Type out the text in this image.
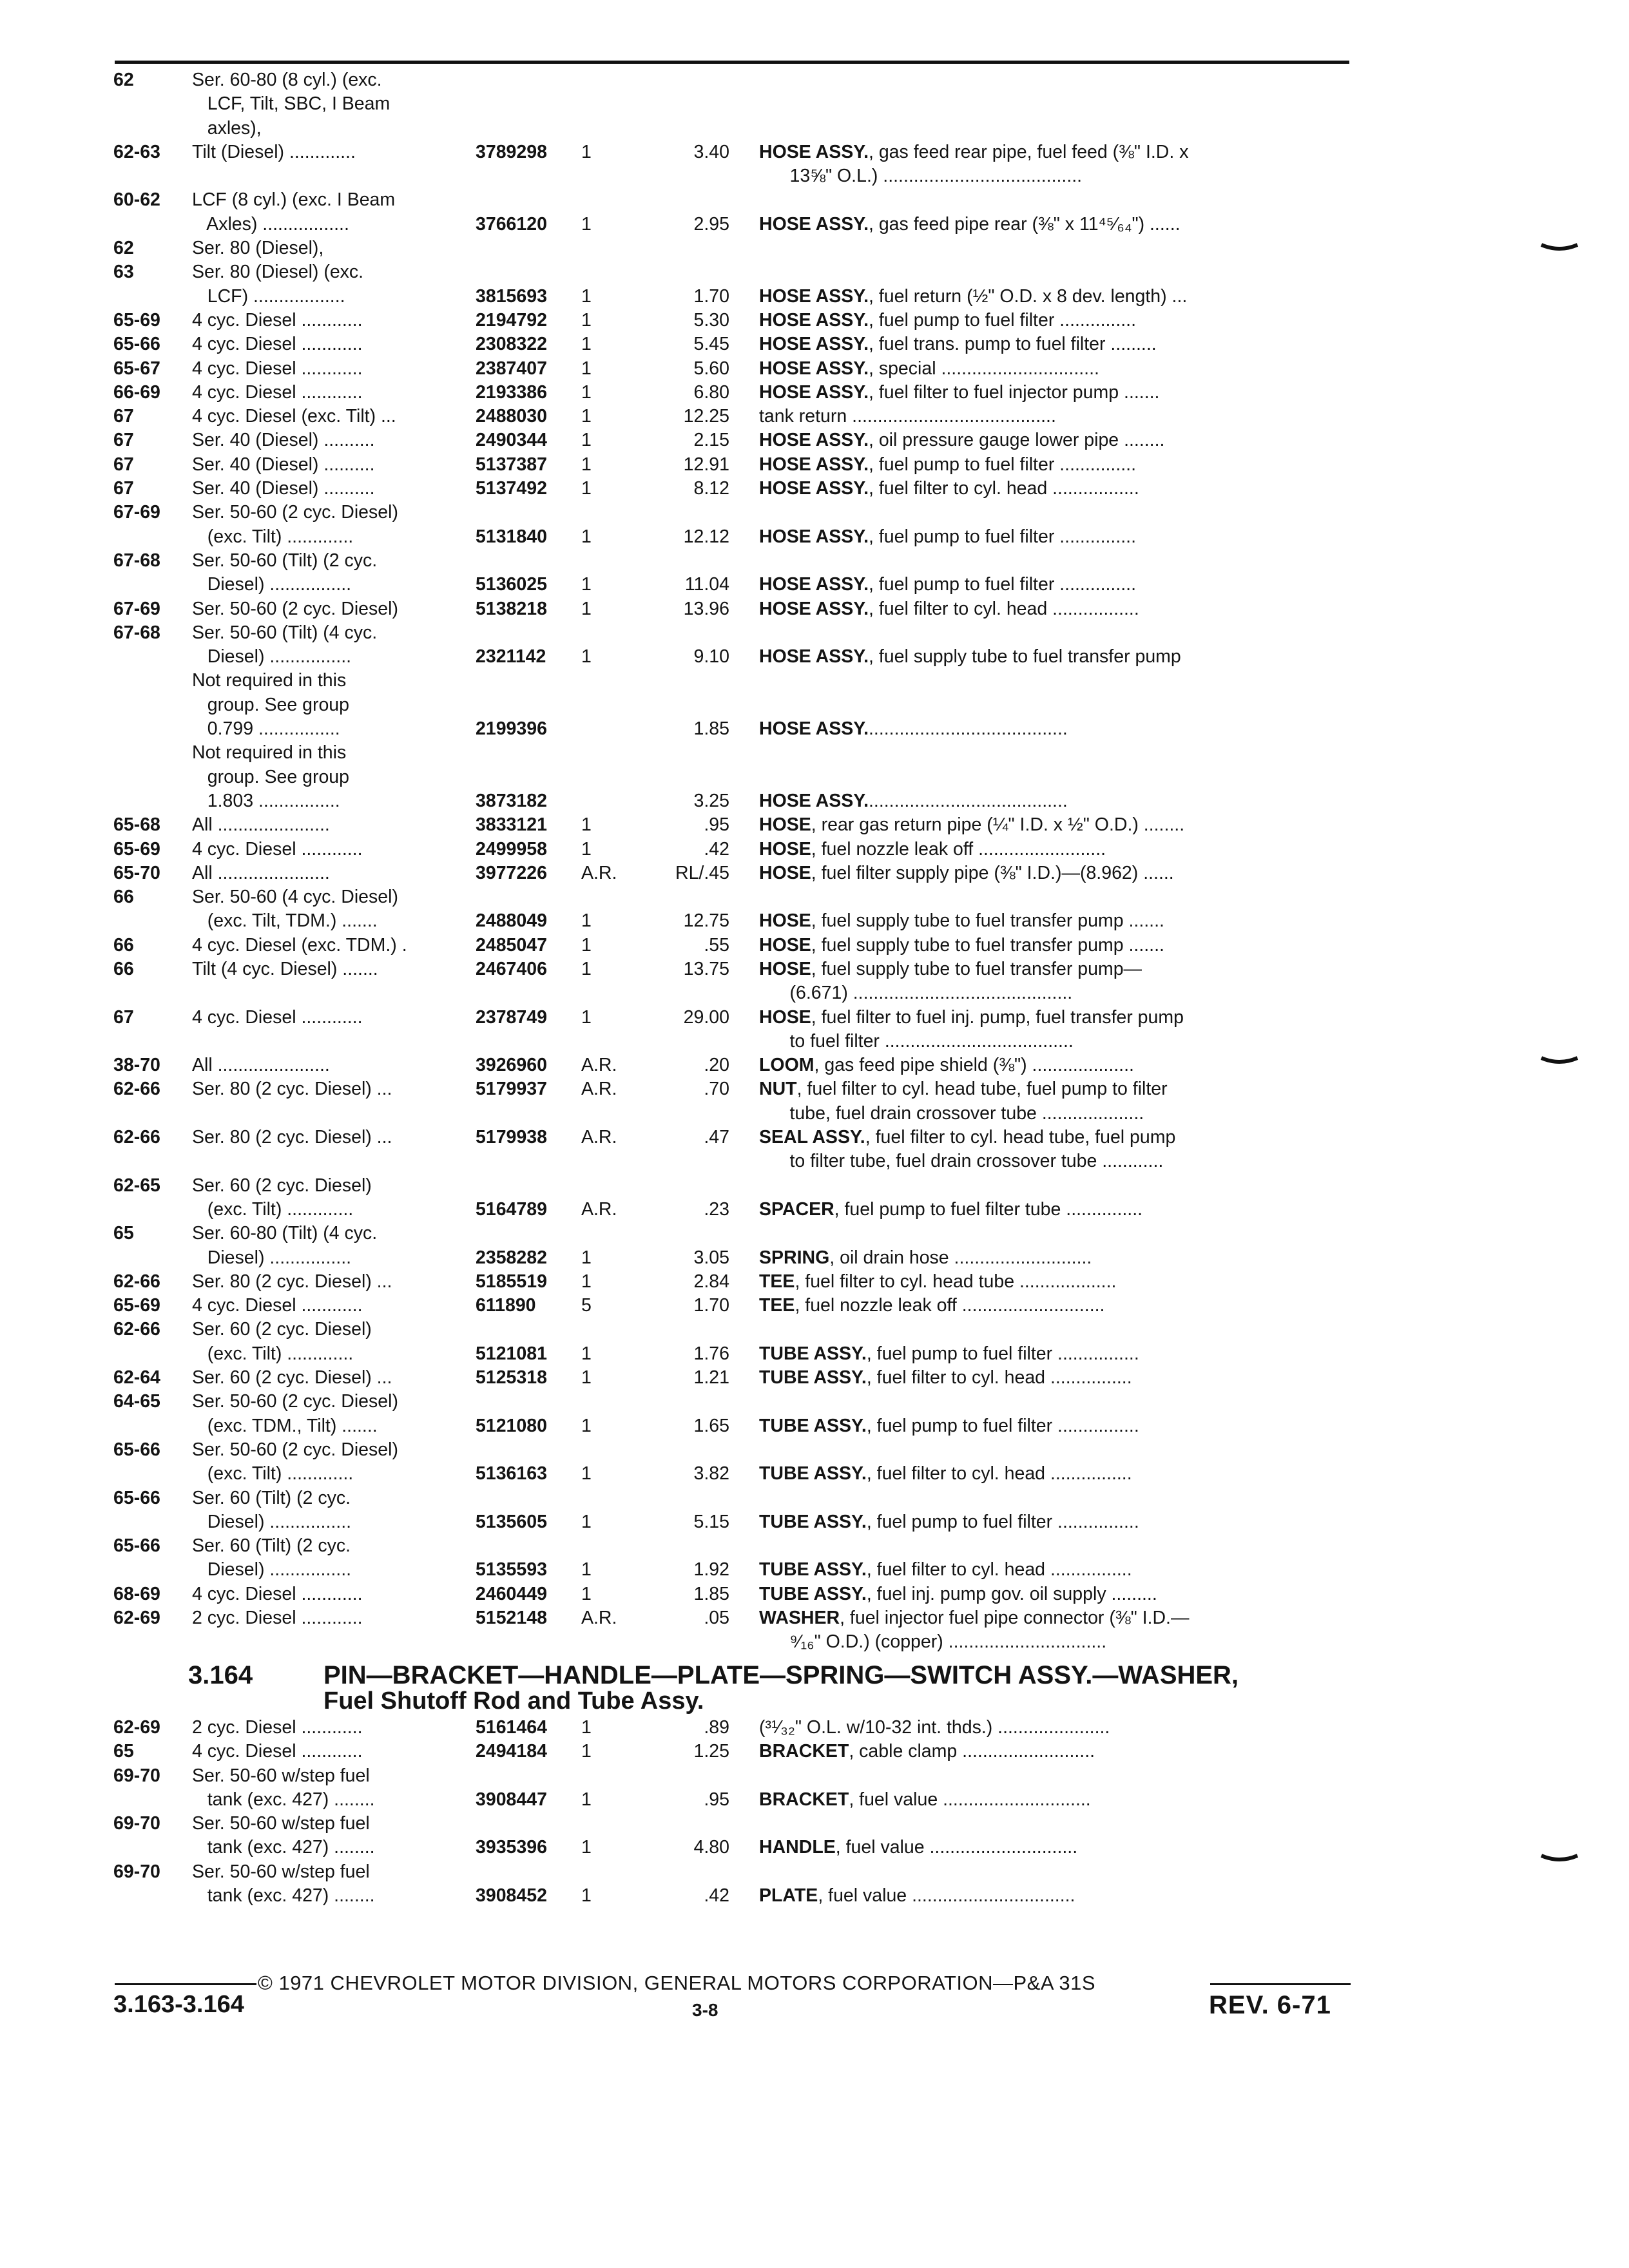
62	Ser. 60-80 (8 cyl.) (exc.
LCF, Tilt, SBC, I Beam
axles),
62-63	Tilt (Diesel) .............	3789298	1	3.40	HOSE ASSY., gas feed rear pipe, fuel feed (⅜" I.D. x
13⅝" O.L.) .......................................
60-62	LCF (8 cyl.) (exc. I Beam
Axles) .................	3766120	1	2.95	HOSE ASSY., gas feed pipe rear (⅜" x 11⁴⁵⁄₆₄") ......
62	Ser. 80 (Diesel),
63	Ser. 80 (Diesel) (exc.
LCF) ..................	3815693	1	1.70	HOSE ASSY., fuel return (½" O.D. x 8 dev. length) ...
65-69	4 cyc. Diesel ............	2194792	1	5.30	HOSE ASSY., fuel pump to fuel filter ...............
65-66	4 cyc. Diesel ............	2308322	1	5.45	HOSE ASSY., fuel trans. pump to fuel filter .........
65-67	4 cyc. Diesel ............	2387407	1	5.60	HOSE ASSY., special ...............................
66-69	4 cyc. Diesel ............	2193386	1	6.80	HOSE ASSY., fuel filter to fuel injector pump .......
67	4 cyc. Diesel (exc. Tilt) ...	2488030	1	12.25	tank return ........................................
67	Ser. 40 (Diesel) ..........	2490344	1	2.15	HOSE ASSY., oil pressure gauge lower pipe ........
67	Ser. 40 (Diesel) ..........	5137387	1	12.91	HOSE ASSY., fuel pump to fuel filter ...............
67	Ser. 40 (Diesel) ..........	5137492	1	8.12	HOSE ASSY., fuel filter to cyl. head .................
67-69	Ser. 50-60 (2 cyc. Diesel)
(exc. Tilt) .............	5131840	1	12.12	HOSE ASSY., fuel pump to fuel filter ...............
67-68	Ser. 50-60 (Tilt) (2 cyc.
Diesel) ................	5136025	1	11.04	HOSE ASSY., fuel pump to fuel filter ...............
67-69	Ser. 50-60 (2 cyc. Diesel)	5138218	1	13.96	HOSE ASSY., fuel filter to cyl. head .................
67-68	Ser. 50-60 (Tilt) (4 cyc.
Diesel) ................	2321142	1	9.10	HOSE ASSY., fuel supply tube to fuel transfer pump
Not required in this
group. See group
0.799 ................	2199396	1.85	HOSE ASSY........................................
Not required in this
group. See group
1.803 ................	3873182	3.25	HOSE ASSY........................................
65-68	All ......................	3833121	1	.95	HOSE, rear gas return pipe (¼" I.D. x ½" O.D.) ........
65-69	4 cyc. Diesel ............	2499958	1	.42	HOSE, fuel nozzle leak off .........................
65-70	All ......................	3977226	A.R.	RL/.45	HOSE, fuel filter supply pipe (⅜" I.D.)—(8.962) ......
66	Ser. 50-60 (4 cyc. Diesel)
(exc. Tilt, TDM.) .......	2488049	1	12.75	HOSE, fuel supply tube to fuel transfer pump .......
66	4 cyc. Diesel (exc. TDM.) .	2485047	1	.55	HOSE, fuel supply tube to fuel transfer pump .......
66	Tilt (4 cyc. Diesel) .......	2467406	1	13.75	HOSE, fuel supply tube to fuel transfer pump—
(6.671) ...........................................
67	4 cyc. Diesel ............	2378749	1	29.00	HOSE, fuel filter to fuel inj. pump, fuel transfer pump
to fuel filter .....................................
38-70	All ......................	3926960	A.R.	.20	LOOM, gas feed pipe shield (⅜") ....................
62-66	Ser. 80 (2 cyc. Diesel) ...	5179937	A.R.	.70	NUT, fuel filter to cyl. head tube, fuel pump to filter
tube, fuel drain crossover tube ....................
62-66	Ser. 80 (2 cyc. Diesel) ...	5179938	A.R.	.47	SEAL ASSY., fuel filter to cyl. head tube, fuel pump
to filter tube, fuel drain crossover tube ............
62-65	Ser. 60 (2 cyc. Diesel)
(exc. Tilt) .............	5164789	A.R.	.23	SPACER, fuel pump to fuel filter tube ...............
65	Ser. 60-80 (Tilt) (4 cyc.
Diesel) ................	2358282	1	3.05	SPRING, oil drain hose ...........................
62-66	Ser. 80 (2 cyc. Diesel) ...	5185519	1	2.84	TEE, fuel filter to cyl. head tube ...................
65-69	4 cyc. Diesel ............	611890	5	1.70	TEE, fuel nozzle leak off ............................
62-66	Ser. 60 (2 cyc. Diesel)
(exc. Tilt) .............	5121081	1	1.76	TUBE ASSY., fuel pump to fuel filter ................
62-64	Ser. 60 (2 cyc. Diesel) ...	5125318	1	1.21	TUBE ASSY., fuel filter to cyl. head ................
64-65	Ser. 50-60 (2 cyc. Diesel)
(exc. TDM., Tilt) .......	5121080	1	1.65	TUBE ASSY., fuel pump to fuel filter ................
65-66	Ser. 50-60 (2 cyc. Diesel)
(exc. Tilt) .............	5136163	1	3.82	TUBE ASSY., fuel filter to cyl. head ................
65-66	Ser. 60 (Tilt) (2 cyc.
Diesel) ................	5135605	1	5.15	TUBE ASSY., fuel pump to fuel filter ................
65-66	Ser. 60 (Tilt) (2 cyc.
Diesel) ................	5135593	1	1.92	TUBE ASSY., fuel filter to cyl. head ................
68-69	4 cyc. Diesel ............	2460449	1	1.85	TUBE ASSY., fuel inj. pump gov. oil supply .........
62-69	2 cyc. Diesel ............	5152148	A.R.	.05	WASHER, fuel injector fuel pipe connector (⅜" I.D.—
⁹⁄₁₆" O.D.) (copper) ...............................
3.164	PIN—BRACKET—HANDLE—PLATE—SPRING—SWITCH ASSY.—WASHER,
Fuel Shutoff Rod and Tube Assy.
62-69	2 cyc. Diesel ............	5161464	1	.89	(³¹⁄₃₂" O.L. w/10-32 int. thds.) ......................
65	4 cyc. Diesel ............	2494184	1	1.25	BRACKET, cable clamp ..........................
69-70	Ser. 50-60 w/step fuel
tank (exc. 427) ........	3908447	1	.95	BRACKET, fuel value .............................
69-70	Ser. 50-60 w/step fuel
tank (exc. 427) ........	3935396	1	4.80	HANDLE, fuel value .............................
69-70	Ser. 50-60 w/step fuel
tank (exc. 427) ........	3908452	1	.42	PLATE, fuel value ................................
© 1971 CHEVROLET MOTOR DIVISION, GENERAL MOTORS CORPORATION—P&A 31S
3.163-3.164	3-8	REV. 6-71
